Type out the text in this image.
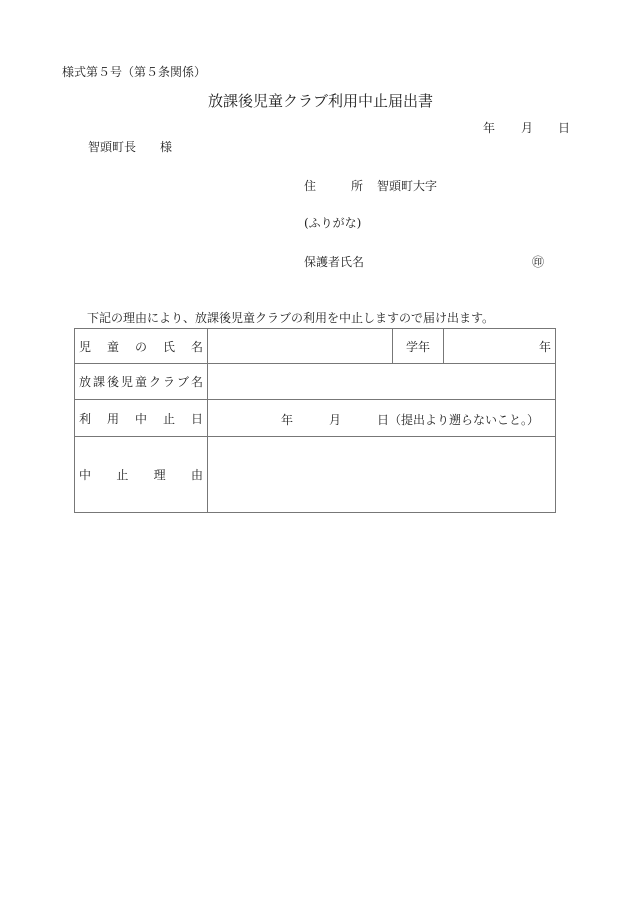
様式第５号（第５条関係）
放課後児童クラブ利用中止届出書
年 月 日
智頭町長 様
住	所 智頭町大字
(ふりがな)
保護者氏名	㊞
下記の理由により、放課後児童クラブの利用を中止しますので届け出ます。
児 童 の 氏 名		学年	年
放課後児童クラブ名			
利 用 中 止 日	年 月 日（提出より遡らないこと。）		

中 止 理 由			
